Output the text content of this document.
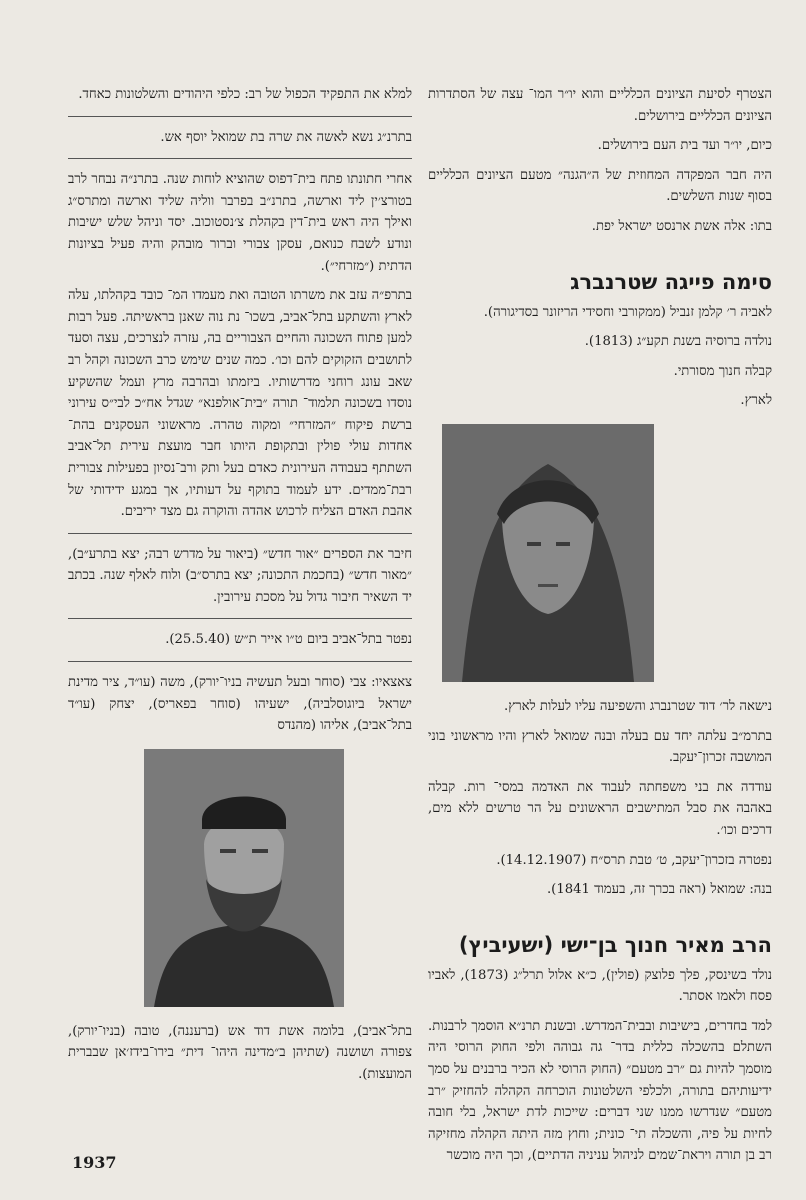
הצטרף לסיעת הציונים הכלליים והוא יו״ר המו־ עצה של הסתדרות הציונים הכלליים בירושלים.

כיום, יו״ר ועד בית העם בירושלים.

היה חבר המפקדה המחוזית של ה״הגנה״ מטעם הציונים הכלליים בסוף שנות השלשים.

בתו: אלה אשת ארנסט ישראל יפת.

סימה פייגה שטרנברג

לאביה ר׳ קלמן זנביל (ממקורבי וחסידי הריזונר בסדיגורה).

נולדה ברוסיה בשנת תקע״ג (1813).

קבלה חנוך מסורתי.

לארץ.

נישאה לר׳ דוד שטרנברג והשפיעה עליו לעלות לארץ.

בתרמ״ב עלתה יחד עם בעלה ובנה שמואל לארץ והיו מראשוני בוני המושבה זכרון־יעקב.

עודדה את בני משפחתה לעבוד את האדמה במסי־ רות. קבלה באהבה את סבל המתישבים הראשונים על הר טרשים ללא מים, דרכים וכו׳.

נפטרה בזכרון־יעקב, ט׳ טבת תרס״ח (14.12.1907).

בנה: שמואל (ראה בכרך זה, בעמוד 1841).

הרב מאיר חנוך בן־ישי (ישעיביץ)

נולד בשינסק, פלך פלוצק (פולין), כ״א אלול תרל״ג (1873), לאביו פסח ולאמו אסתר.

למד בחדרים, בישיבות ובבית־המדרש. ובשנת תרנ״א הוסמך לרבנות. השתלם בהשכלה כללית בדר־ גה גבוהה ולפי החוק הרוסי היה מוסמך להיות גם ״רב מטעם״ (החוק הרוסי לא הכיר ברבנים על סמך ידיעותיהם בתורה, ולכלפי השלטונות הוכרחה הקהלה להחזיק ״רב מטעם״ שנדרשו ממנו שני דברים: שייכות לדת ישראל, בלי חובה לחיות על פיה, והשכלה תי־ כונית; וחוץ מזה היתה הקהלה מחזיקה רב בן תורה ויראת־שמים לניהול עניניה הדתיים), וכך היה מוכשר

למלא את התפקיד הכפול של רב: כלפי היהודים והשלטונות כאחד.

בתרנ״ג נשא לאשה את שרה בת שמואל יוסף אש.

אחרי חתונתו פתח בית־דפוס שהוציא לוחות שנה. בתרנ״ה נבחר לרב בטורצ׳ין ליד וארשה, בתרנ״ב בפרבר ווליה שליד וארשה ומתרס״ג ואילך היה ראש בית־דין בקהלת צ׳נסטוכוב. יסד וניהל שלש ישיבות ונודע לשבח כנואם, עסקן צבורי וברור מובהק והיה פעיל בציונות הדתית (״מזרחי״).

בתרפ״ה עזב את משרתו הטובה ואת מעמדו המ־ כובד בקהלתו, עלה לארץ והשתקע בתל־אביב, בשכו־ נת נוה שאנן בראשיתה. פעל רבות למען פתוח השכונה והחיים הצבוריים בה, עזרה לנצרכים, עצה וסעד לתושבים הזקוקים להם וכו׳. כמה שנים שימש כרב השכונה וקהל רב שאב עונג רוחני מדרשותיו. ביזמתו ובהרבה מרץ ועמל שהשקיע נוסדו בשכונה תלמוד־ תורה ״בית־אולפנא״ שגדל אח״כ לבי״ס עירוני ברשת פיקוח ״המזרחי״ ומקוה טהרה. מראשוני העסקנים בהת־ אחדות עולי פולין ובתקופת היותו חבר מועצת עירית תל־אביב השתתף בעבודה העירונית כאדם בעל ותק ורב־נסיון בפעילות צבורית רבת־ממדים. ידע לעמוד בתוקף על דעותיו, אך במגע ידידותי של אהבת האדם הצליח לרכוש אהדה והוקרה גם מצד יריבים.

חיבר את הספרים ״אור חדש״ (ביאור על מדרש רבה; יצא בתרע״ב), ״מאור חדש״ (בחכמת התכונה; יצא בתרס״ב) ולוח לאלף שנה. בכתב יד השאיר חיבור גדול על מסכת עירובין.

נפטר בתל־אביב ביום ט״ו אייר ת״ש (25.5.40).

צאצאיו: צבי (סוחר ובעל תעשיה בניו־יורק), משה (עו״ד, ציר מדינת ישראל ביוגוסלביה), ישעיהו (סוחר בפאריס), יצחק (עו״ד בתל־אביב), אליהו (מהנדס

בתל־אביב), בלומה אשת דוד אש (ברעננה), טובה (בניו־יורק), צפורה ושושנה (שתיהן ב״מדינה היהו־ דית״ בירו־בידז׳אן שבברית המועצות).

1937
